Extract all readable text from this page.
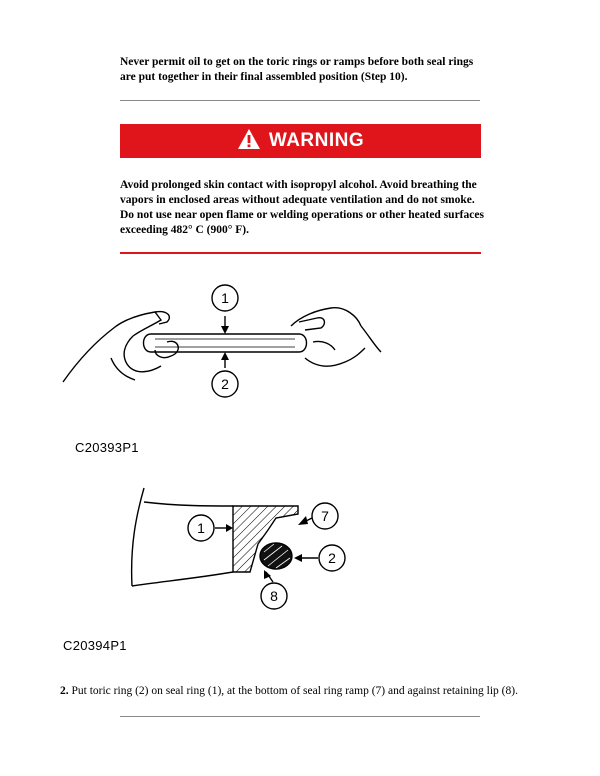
Never permit oil to get on the toric rings or ramps before both seal rings are put together in their final assembled position (Step 10).
WARNING
Avoid prolonged skin contact with isopropyl alcohol. Avoid breathing the vapors in enclosed areas without adequate ventilation and do not smoke. Do not use near open flame or welding operations or other heated surfaces exceeding 482° C (900° F).
1
2
C20393P1
1
7
2
8
C20394P1
2. Put toric ring (2) on seal ring (1), at the bottom of seal ring ramp (7) and against retaining lip (8).
